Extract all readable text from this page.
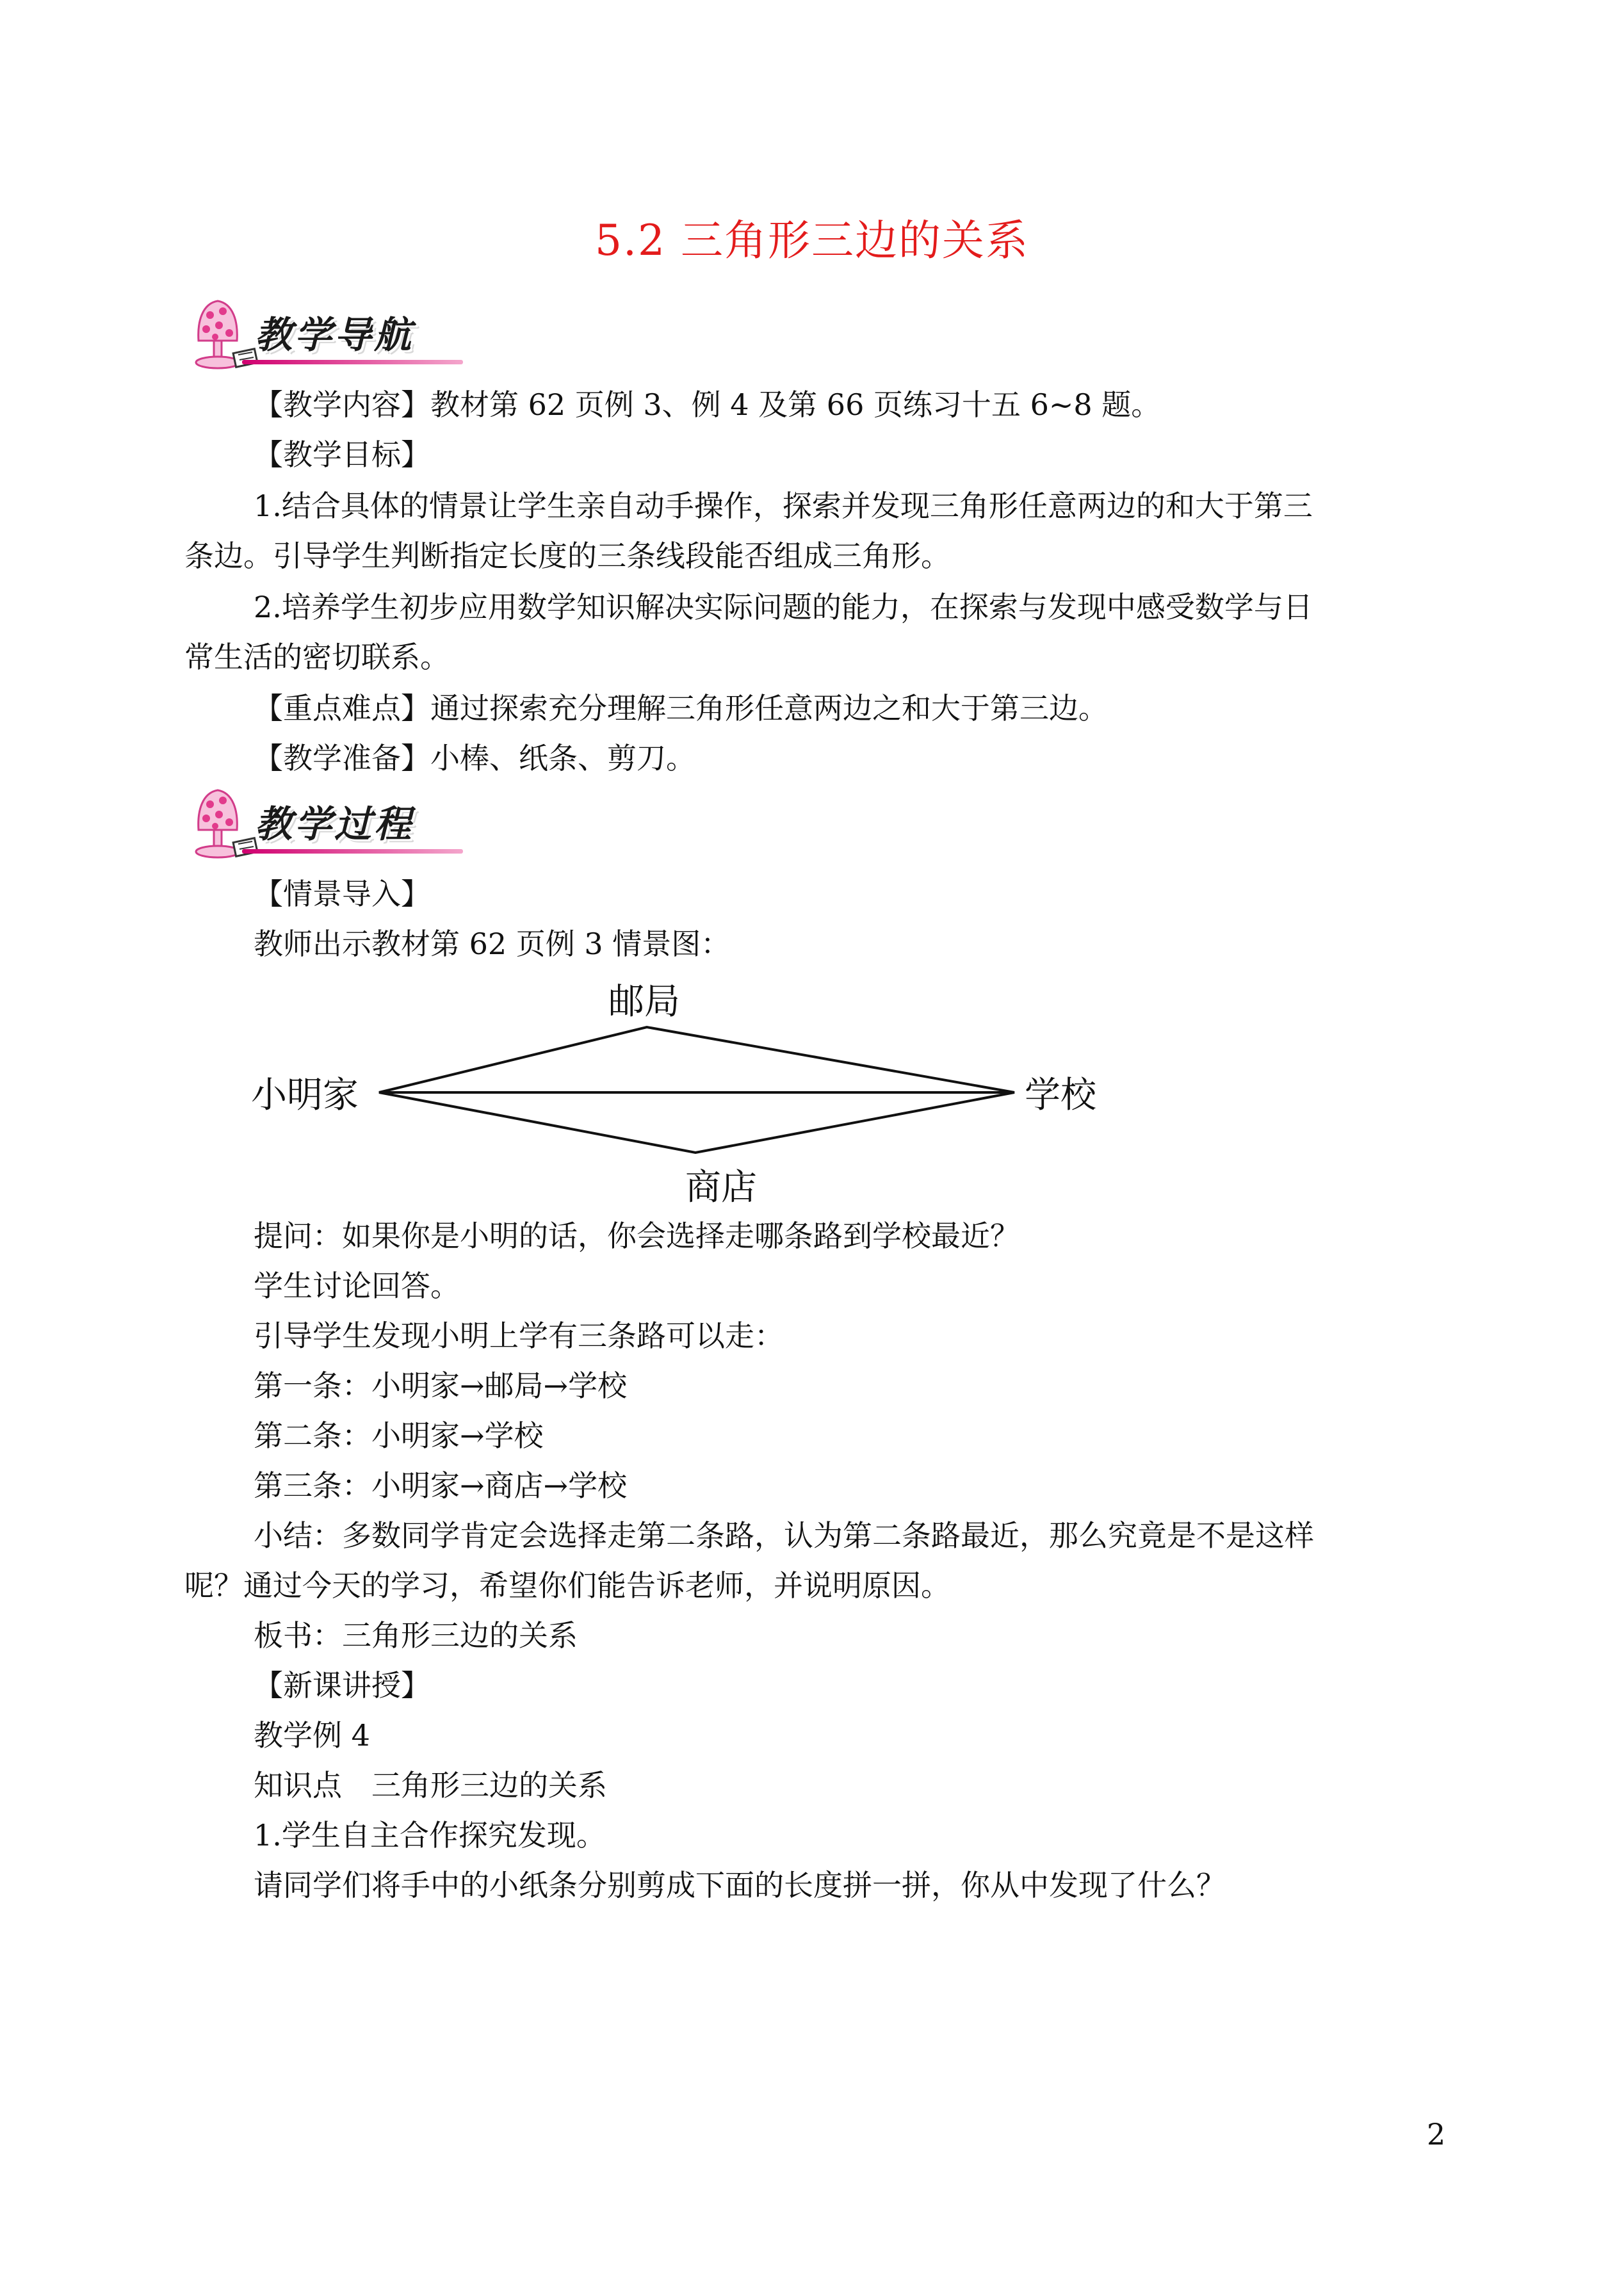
5.2 三角形三边的关系
教学导航
【教学内容】教材第 62 页例 3、例 4 及第 66 页练习十五 6~8 题。
【教学目标】
1.结合具体的情景让学生亲自动手操作，探索并发现三角形任意两边的和大于第三
条边。引导学生判断指定长度的三条线段能否组成三角形。
2.培养学生初步应用数学知识解决实际问题的能力，在探索与发现中感受数学与日
常生活的密切联系。
【重点难点】通过探索充分理解三角形任意两边之和大于第三边。
【教学准备】小棒、纸条、剪刀。
教学过程
【情景导入】
教师出示教材第 62 页例 3 情景图：
邮局
小明家	学校
商店
提问：如果你是小明的话，你会选择走哪条路到学校最近？
学生讨论回答。
引导学生发现小明上学有三条路可以走：
第一条：小明家→邮局→学校
第二条：小明家→学校
第三条：小明家→商店→学校
小结：多数同学肯定会选择走第二条路，认为第二条路最近，那么究竟是不是这样
呢？通过今天的学习，希望你们能告诉老师，并说明原因。
板书：三角形三边的关系
【新课讲授】
教学例 4
知识点　三角形三边的关系
1.学生自主合作探究发现。
请同学们将手中的小纸条分别剪成下面的长度拼一拼，你从中发现了什么？
2
